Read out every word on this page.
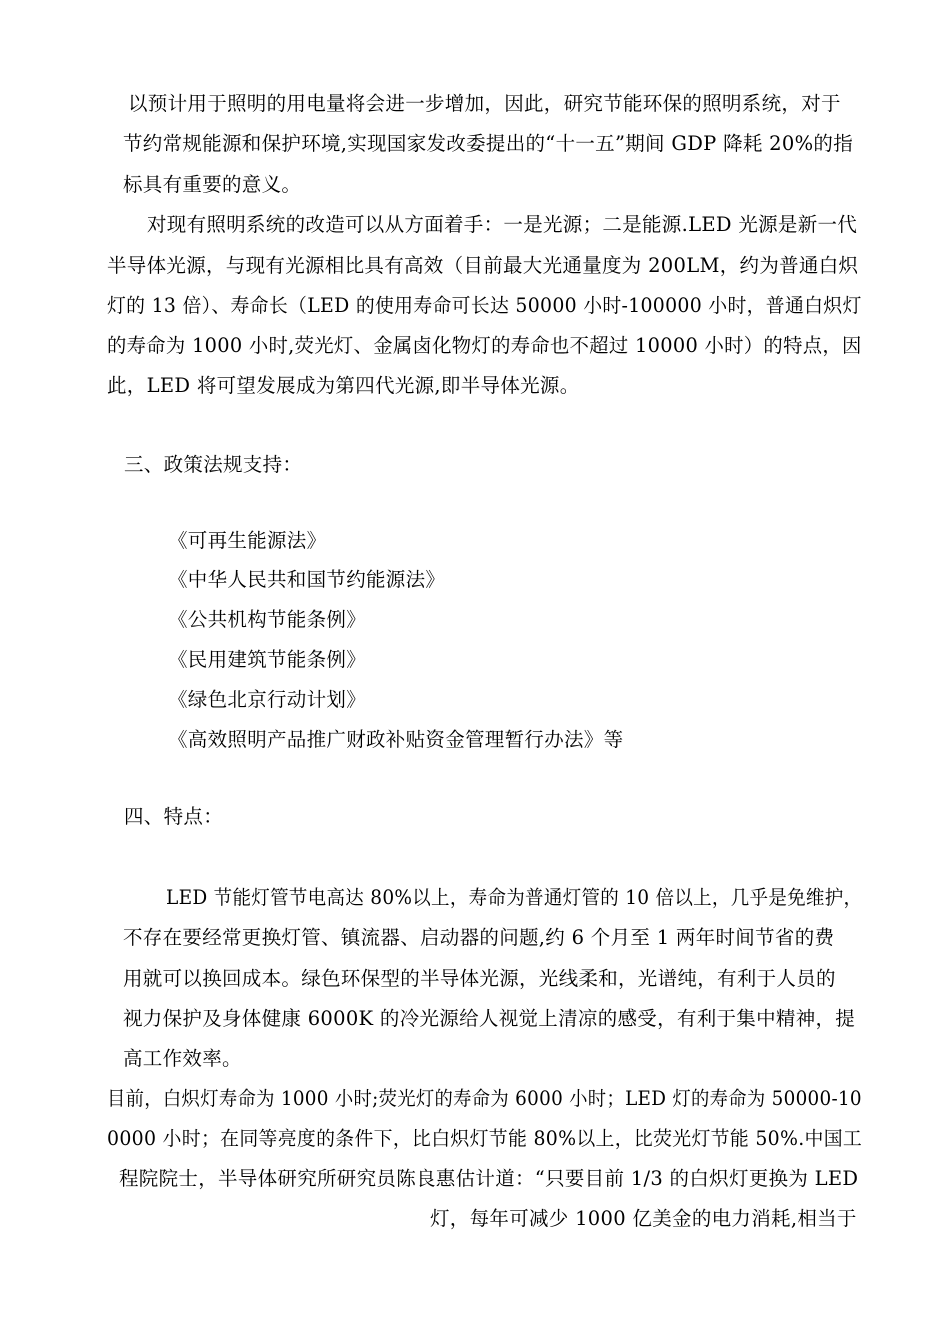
以预计用于照明的用电量将会进一步增加，因此，研究节能环保的照明系统，对于
节约常规能源和保护环境,实现国家发改委提出的“十一五”期间 GDP 降耗 20%的指
标具有重要的意义。
对现有照明系统的改造可以从方面着手：一是光源；二是能源.LED 光源是新一代
半导体光源，与现有光源相比具有高效（目前最大光通量度为 200LM，约为普通白炽
灯的 13 倍）、寿命长（LED 的使用寿命可长达 50000 小时-100000 小时，普通白炽灯
的寿命为 1000 小时,荧光灯、金属卤化物灯的寿命也不超过 10000 小时）的特点，因
此，LED 将可望发展成为第四代光源,即半导体光源。
三、政策法规支持：
《可再生能源法》
《中华人民共和国节约能源法》
《公共机构节能条例》
《民用建筑节能条例》
《绿色北京行动计划》
《高效照明产品推广财政补贴资金管理暂行办法》等
四、特点：
LED 节能灯管节电高达 80%以上，寿命为普通灯管的 10 倍以上，几乎是免维护，
不存在要经常更换灯管、镇流器、启动器的问题,约 6 个月至 1 两年时间节省的费
用就可以换回成本。绿色环保型的半导体光源，光线柔和，光谱纯，有利于人员的
视力保护及身体健康 6000K 的冷光源给人视觉上清凉的感受，有利于集中精神，提
高工作效率。
目前，白炽灯寿命为 1000 小时;荧光灯的寿命为 6000 小时；LED 灯的寿命为 50000-10
0000 小时；在同等亮度的条件下，比白炽灯节能 80%以上，比荧光灯节能 50%.中国工
程院院士，半导体研究所研究员陈良惠估计道：“只要目前 1/3 的白炽灯更换为 LED
灯，每年可减少 1000 亿美金的电力消耗,相当于
